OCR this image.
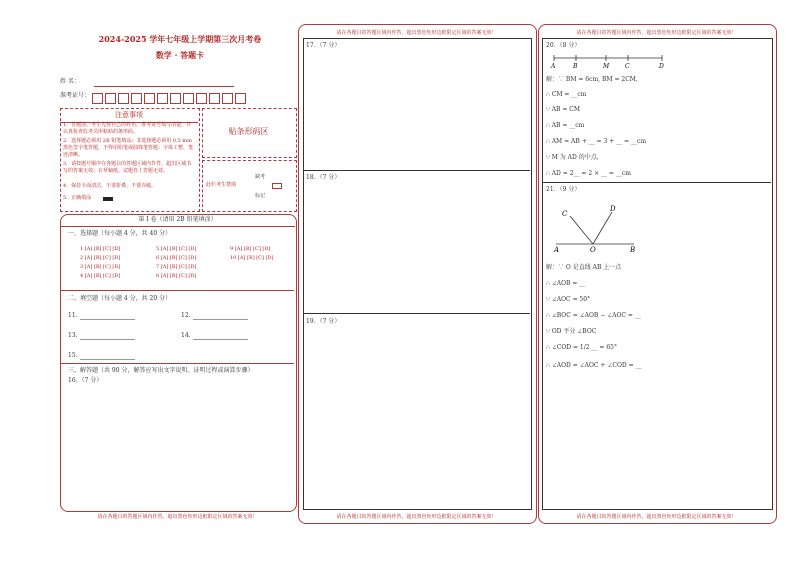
2024-2025 学年七年级上学期第三次月考卷
数学 · 答题卡
姓 名：
准考证号：
注意事项
1．答题前，考生先将自己的姓名，准考证号填写清楚，并认真检查监考员所粘贴的条形码。
2．选择题必须用 2B 铅笔填涂；非选择题必须用 0.5 mm 黑色签字笔答题，不得用铅笔或圆珠笔答题；字体工整、笔迹清晰。
3．请按题号顺序在各题目的答题区域内作答，超出区域书写的答案无效；在草稿纸、试题卷上答题无效。
4．保持卡面清洁，不要折叠、不要弄破。
5．正确填涂
贴条形码区
此栏考生禁填
缺考
标记
第 I 卷（请用 2B 铅笔填涂）
一、选择题（每小题 4 分，共 40 分）
1 [A] [B] [C] [D]
2 [A] [B] [C] [D]
3 [A] [B] [C] [D]
4 [A] [B] [C] [D]
5 [A] [B] [C] [D]
6 [A] [B] [C] [D]
7 [A] [B] [C] [D]
8 [A] [B] [C] [D]
9 [A] [B] [C] [D]
10 [A] [B] [C] [D]
二、填空题（每小题 4 分，共 20 分）
11.	12.
13.	14.
15.
三、解答题（共 90 分，解答应写出文字说明、证明过程或演算步骤）
16．（7 分）
请在各题目的答题区域内作答，超出黑色矩形边框限定区域的答案无效！
请在各题目的答题区域内作答，超出黑色矩形边框限定区域的答案无效！
17．（7 分）
18．（7 分）
19．（7 分）
请在各题目的答题区域内作答，超出黑色矩形边框限定区域的答案无效！
请在各题目的答题区域内作答，超出黑色矩形边框限定区域的答案无效！
20．（8 分）
A	B	M	C	D
解：∵ BM = 6cm, BM = 2CM，
∴ CM = __cm
∵ AB = CM
∴ AB = __cm
∴ AM = AB + __ = 3 + __ = __cm
∵ M 为 AD 的中点，
∴ AD = 2__ = 2 × __ = __cm
21．（9 分）
C
D
A	O	B
解：∵ O 是直线 AB 上一点
∴ ∠AOB = __
∵ ∠AOC = 50°
∴ ∠BOC = ∠AOB − ∠AOC = __
∵ OD 平分 ∠BOC
∴ ∠COD = 1/2 __ = 65°
∴ ∠AOD = ∠AOC + ∠COD = __
请在各题目的答题区域内作答，超出黑色矩形边框限定区域的答案无效！
